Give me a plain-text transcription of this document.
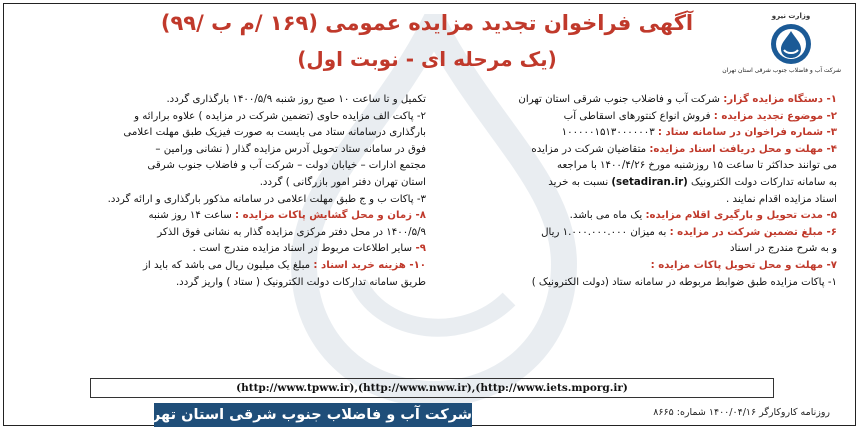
وزارت نیرو
شرکت آب و فاضلاب جنوب شرقی استان تهران
آگهی فراخوان تجدید مزایده عمومی (۱۶۹ /م ب /۹۹)
(یک مرحله ای - نوبت اول)
۱- دستگاه مزایده گزار: شرکت آب و فاضلاب جنوب شرقی استان تهران
۲- موضوع تجدید مزایده : فروش انواع کنتورهای اسقاطی آب
۳- شماره فراخوان در سامانه ستاد : ۱۰۰۰۰۰۱۵۱۳۰۰۰۰۰۰۳
۴- مهلت و محل دریافت اسناد مزایده: متقاضیان شرکت در مزایده
می توانند حداکثر تا ساعت ۱۵ روزشنبه مورخ ۱۴۰۰/۴/۲۶ با مراجعه
به سامانه تدارکات دولت الکترونیک (setadiran.ir) نسبت به خرید
اسناد مزایده اقدام نمایند .
۵- مدت تحویل و بارگیری اقلام مزایده: یک ماه می باشد.
۶- مبلغ تضمین شرکت در مزایده : به میزان ۱.۰۰۰.۰۰۰.۰۰۰ ریال
و به شرح مندرج در اسناد
۷- مهلت و محل تحویل پاکات مزایده :
۱- پاکات مزایده طبق ضوابط مربوطه در سامانه ستاد (دولت الکترونیک )
تکمیل و تا ساعت ۱۰ صبح روز شنبه ۱۴۰۰/۵/۹ بارگذاری گردد.
۲- پاکت الف مزایده حاوی (تضمین شرکت در مزایده ) علاوه برارائه و
بارگذاری درسامانه ستاد می بایست به صورت فیزیک طبق مهلت اعلامی
فوق در سامانه ستاد تحویل آدرس مزایده گذار ( نشانی ورامین –
مجتمع ادارات – خیابان دولت – شرکت آب و فاضلاب جنوب شرقی
استان تهران دفتر امور بازرگانی ) گردد.
۳- پاکات ب و ج طبق مهلت اعلامی در سامانه مذکور بارگذاری و ارائه گردد.
۸- زمان و محل گشایش پاکات مزایده : ساعت ۱۴ روز شنبه
۱۴۰۰/۵/۹ در محل دفتر مرکزی مزایده گذار به نشانی فوق الذکر
۹- سایر اطلاعات مربوط در اسناد مزایده مندرج است .
۱۰- هزینه خرید اسناد : مبلغ یک میلیون ریال می باشد که باید از
طریق سامانه تدارکات دولت الکترونیک ( ستاد ) واریز گردد.
(http://www.tpww.ir),(http://www.nww.ir),(http://www.iets.mporg.ir)
شرکت آب و فاضلاب جنوب شرقی استان تهران	روزنامه کاروکارگر ۱۴۰۰/۰۴/۱۶ شماره: ۸۶۶۵
